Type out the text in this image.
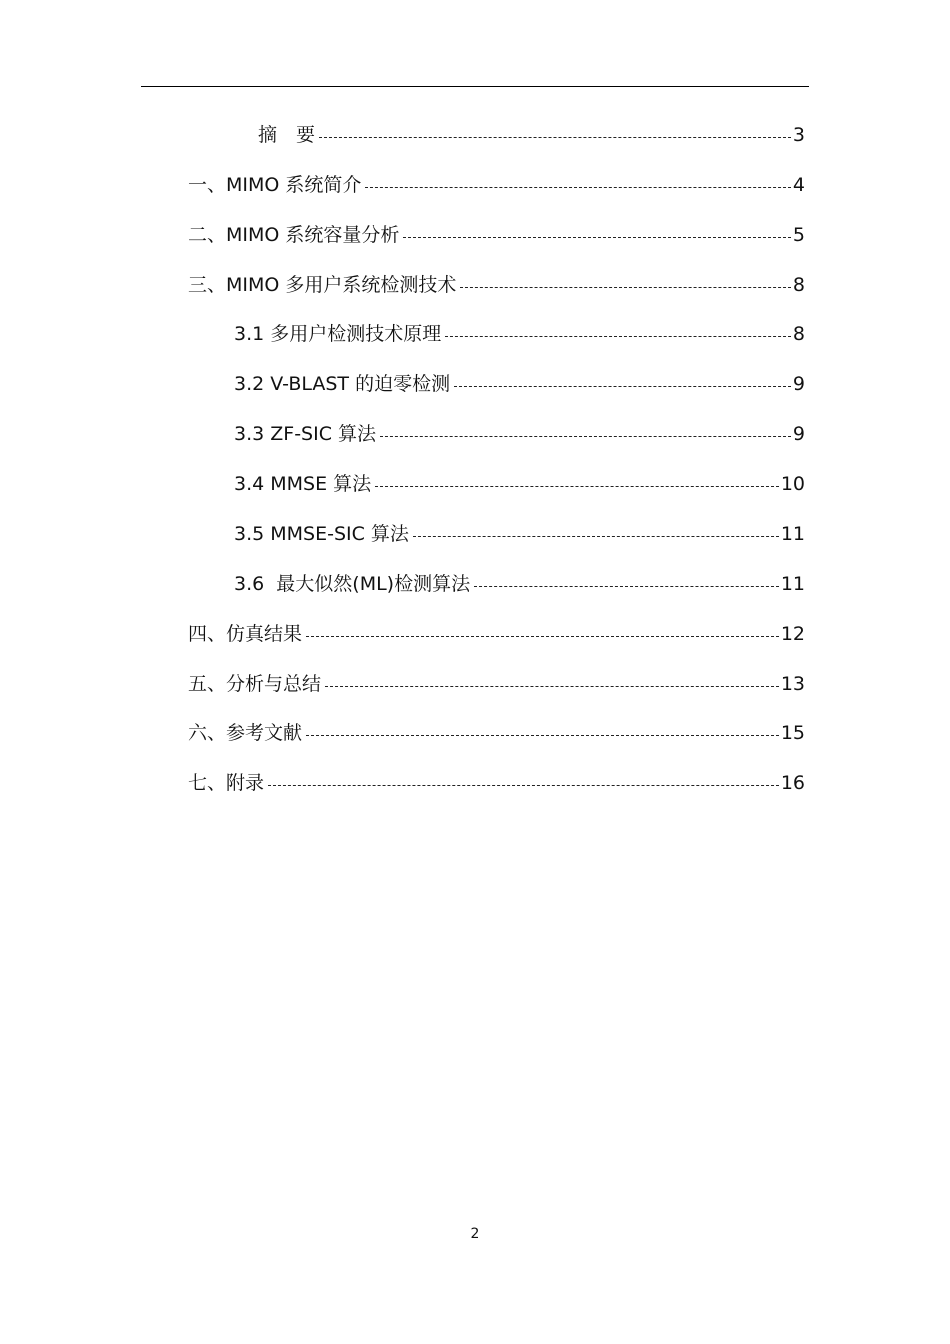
摘　要	3
一、MIMO 系统简介	4
二、MIMO 系统容量分析	5
三、MIMO 多用户系统检测技术	8
3.1 多用户检测技术原理	8
3.2 V-BLAST 的迫零检测	9
3.3 ZF-SIC 算法	9
3.4 MMSE 算法	10
3.5 MMSE-SIC 算法	11
3.6  最大似然(ML)检测算法	11
四、仿真结果	12
五、分析与总结	13
六、参考文献	15
七、附录	16
2
